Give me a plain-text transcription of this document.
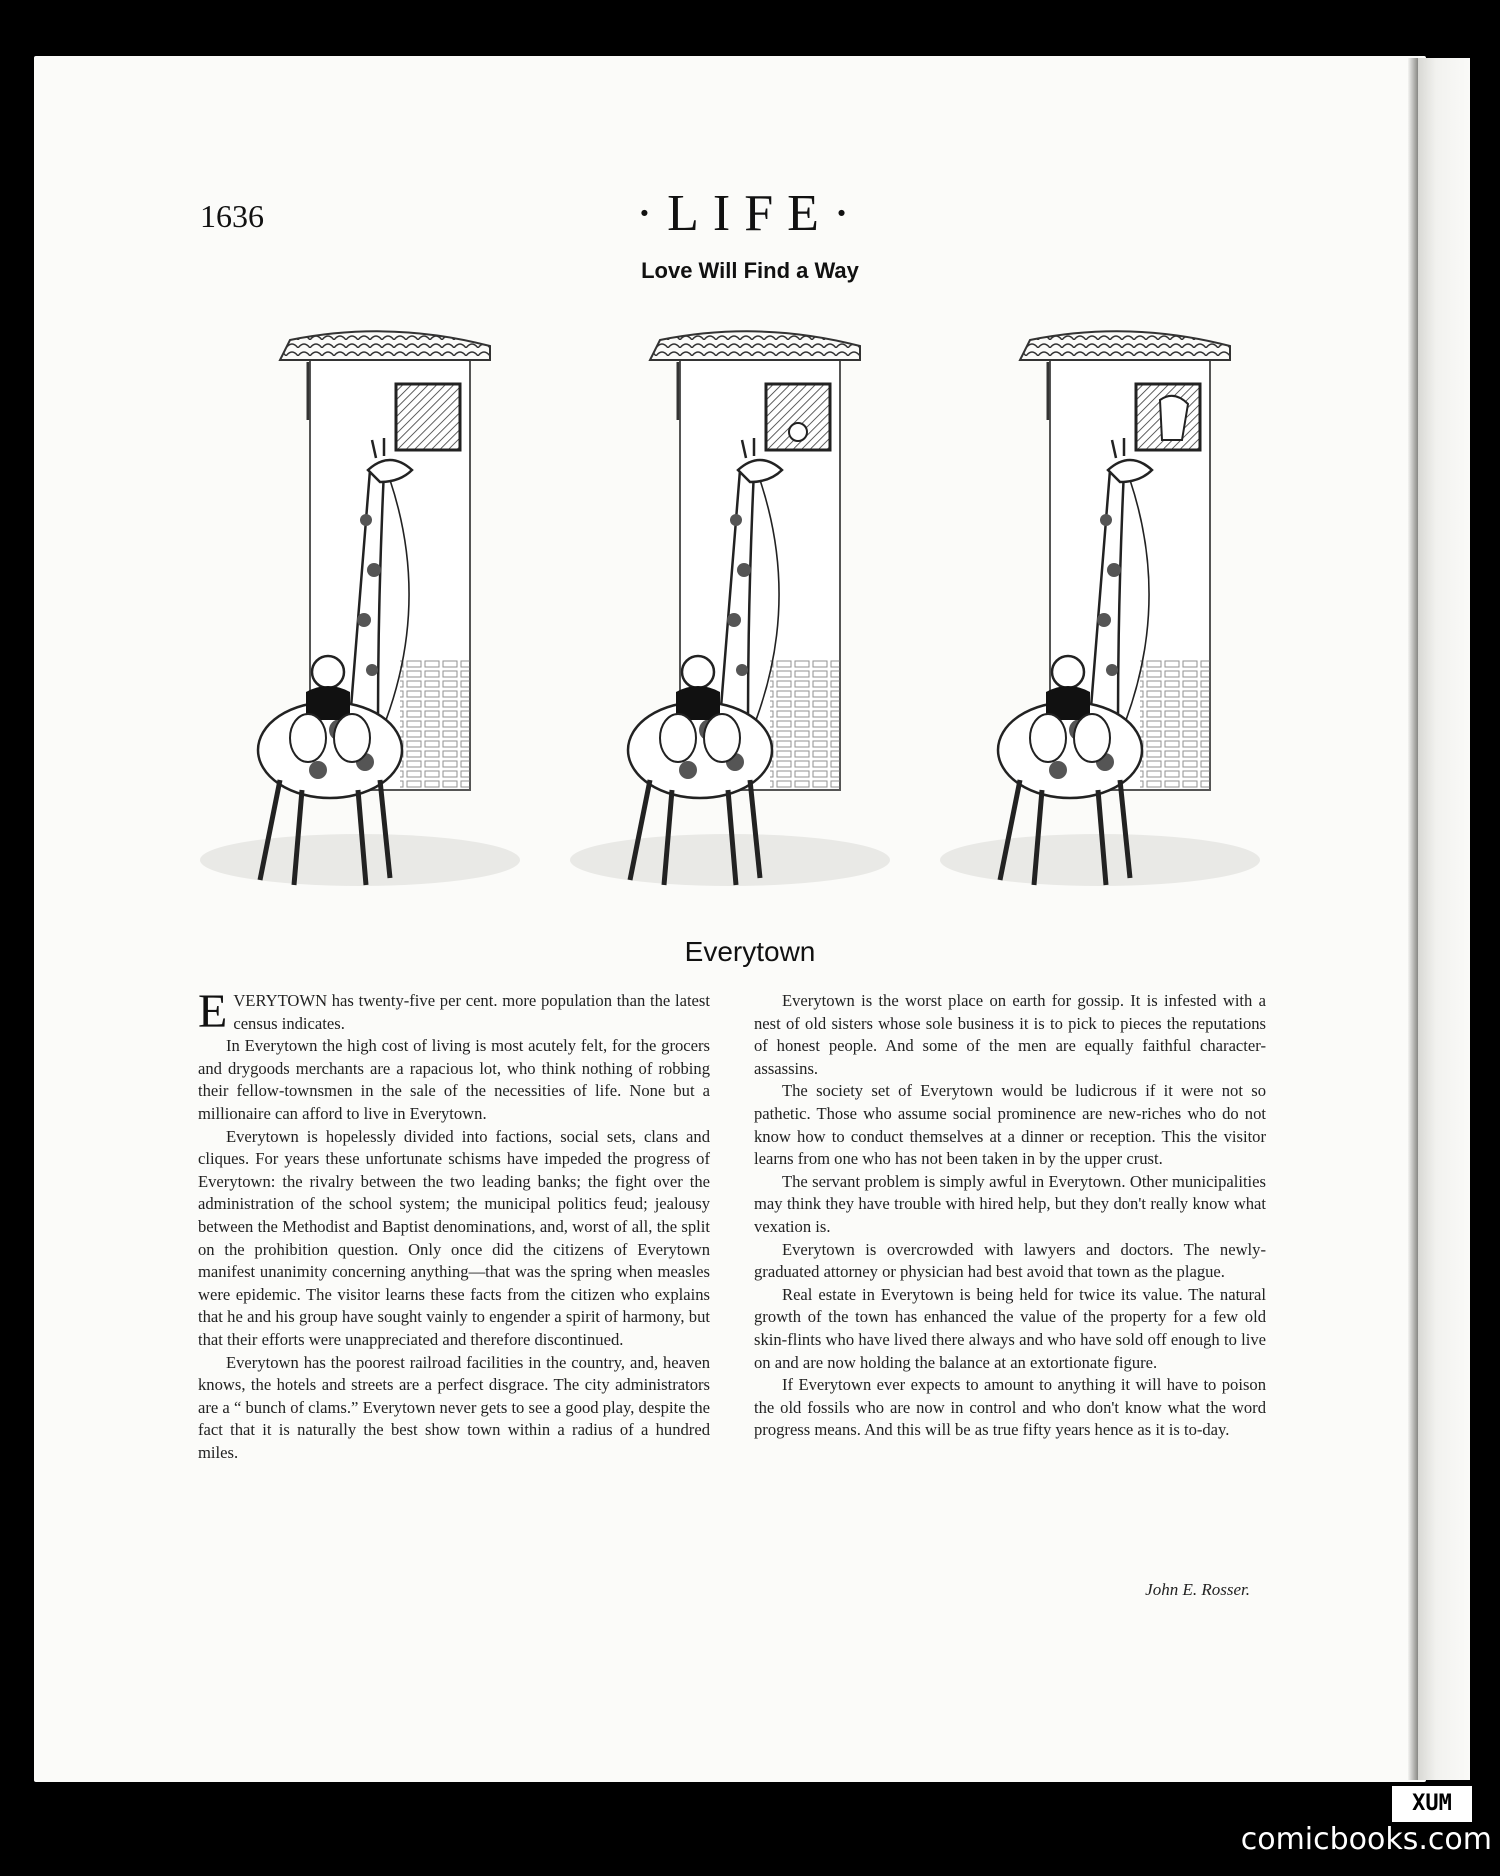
1636	·LIFE·
Love Will Find a Way
Everytown

EVERYTOWN has twenty-five per cent. more population than the latest census indicates.

In Everytown the high cost of living is most acutely felt, for the grocers and drygoods merchants are a rapacious lot, who think nothing of robbing their fellow-townsmen in the sale of the necessities of life. None but a millionaire can afford to live in Everytown.

Everytown is hopelessly divided into factions, social sets, clans and cliques. For years these unfortunate schisms have impeded the progress of Everytown: the rivalry between the two leading banks; the fight over the administration of the school system; the municipal politics feud; jealousy between the Methodist and Baptist denominations, and, worst of all, the split on the prohibition question. Only once did the citizens of Everytown manifest unanimity concerning anything—that was the spring when measles were epidemic. The visitor learns these facts from the citizen who explains that he and his group have sought vainly to engender a spirit of harmony, but that their efforts were unappreciated and therefore discontinued.

Everytown has the poorest railroad facilities in the country, and, heaven knows, the hotels and streets are a perfect disgrace. The city administrators are a “ bunch of clams.” Everytown never gets to see a good play, despite the fact that it is naturally the best show town within a radius of a hundred miles.

Everytown is the worst place on earth for gossip. It is infested with a nest of old sisters whose sole business it is to pick to pieces the reputations of honest people. And some of the men are equally faithful character-assassins.

The society set of Everytown would be ludicrous if it were not so pathetic. Those who assume social prominence are new-riches who do not know how to conduct themselves at a dinner or reception. This the visitor learns from one who has not been taken in by the upper crust.

The servant problem is simply awful in Everytown. Other municipalities may think they have trouble with hired help, but they don't really know what vexation is.

Everytown is overcrowded with lawyers and doctors. The newly-graduated attorney or physician had best avoid that town as the plague.

Real estate in Everytown is being held for twice its value. The natural growth of the town has enhanced the value of the property for a few old skin-flints who have lived there always and who have sold off enough to live on and are now holding the balance at an extortionate figure.

If Everytown ever expects to amount to anything it will have to poison the old fossils who are now in control and who don't know what the word progress means. And this will be as true fifty years hence as it is to-day.

John E. Rosser.
XUM
comicbooks.com
